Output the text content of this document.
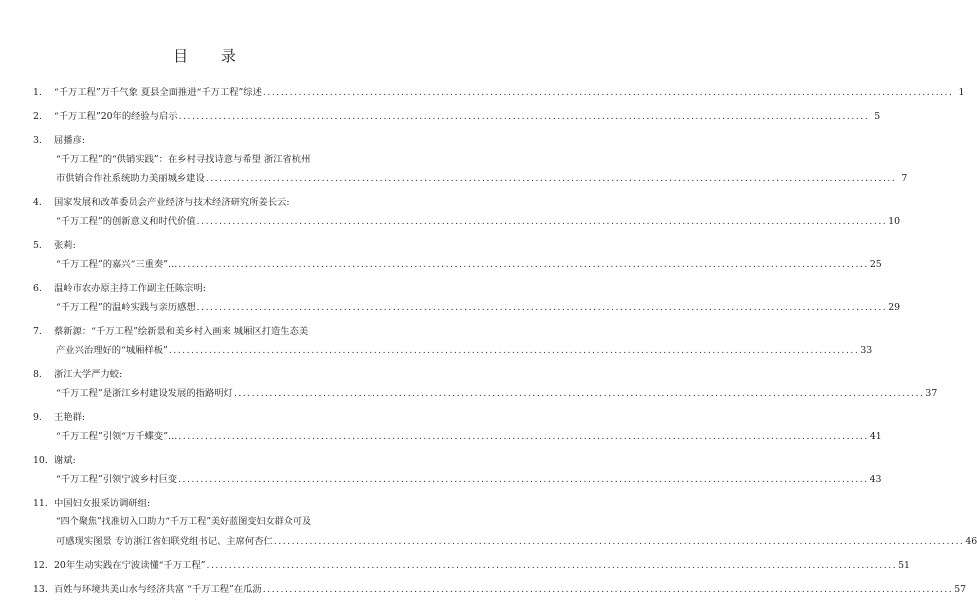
目 录
1.	“千万工程”万千气象 夏县全面推进“千万工程”综述 .....	1
2.	“千万工程”20年的经验与启示 .....	5
3.	屈播彦:
“千万工程”的“供销实践”：在乡村寻找诗意与希望 浙江省杭州
市供销合作社系统助力美丽城乡建设 .....	7
4.	国家发展和改革委员会产业经济与技术经济研究所姜长云:
“千万工程”的创新意义和时代价值 .....	10
5.	张莉:
“千万工程”的嘉兴“三重奏”… .....	25
6.	温岭市农办原主持工作副主任陈宗明:
“千万工程”的温岭实践与亲历感想 .....	29
7.	蔡新源：“千万工程”绘新景和美乡村入画来 城厢区打造生态美
产业兴治理好的“城厢样板” .....	33
8.	浙江大学严力蛟:
“千万工程”是浙江乡村建设发展的指路明灯 .....	37
9.	王艳群:
“千万工程”引领“万千蝶变”… .....	41
10. 谢斌:
“千万工程”引领宁波乡村巨变 .....	43
11. 中国妇女报采访调研组:
“四个聚焦”找准切入口助力“千万工程”美好蓝图变妇女群众可及
可感现实图景 专访浙江省妇联党组书记、主席何杏仁 .....	46
12. 20年生动实践在宁波读懂“千万工程” .....	51
13. 百姓与环境共美山水与经济共富 “千万工程”在瓜沥 .....	57
